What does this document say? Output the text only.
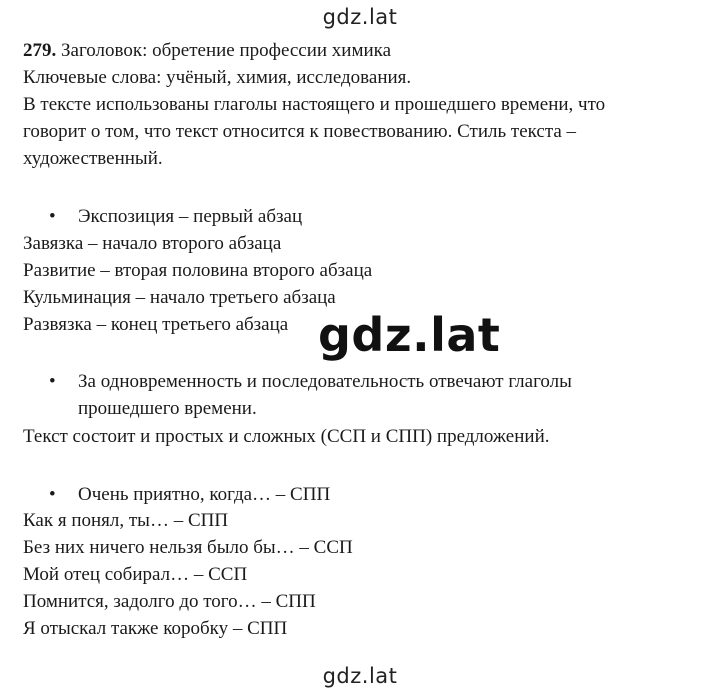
gdz.lat
279. Заголовок: обретение профессии химика
Ключевые слова: учёный, химия, исследования.
В тексте использованы глаголы настоящего и прошедшего времени, что
говорит о том, что текст относится к повествованию. Стиль текста –
художественный.
• Экспозиция – первый абзац
Завязка – начало второго абзаца
Развитие – вторая половина второго абзаца
Кульминация – начало третьего абзаца
Развязка – конец третьего абзаца gdz.lat
• За одновременность и последовательность отвечают глаголы
прошедшего времени.
Текст состоит и простых и сложных (ССП и СПП) предложений.
• Очень приятно, когда… – СПП
Как я понял, ты… – СПП
Без них ничего нельзя было бы… – ССП
Мой отец собирал… – ССП
Помнится, задолго до того… – СПП
Я отыскал также коробку – СПП
gdz.lat
